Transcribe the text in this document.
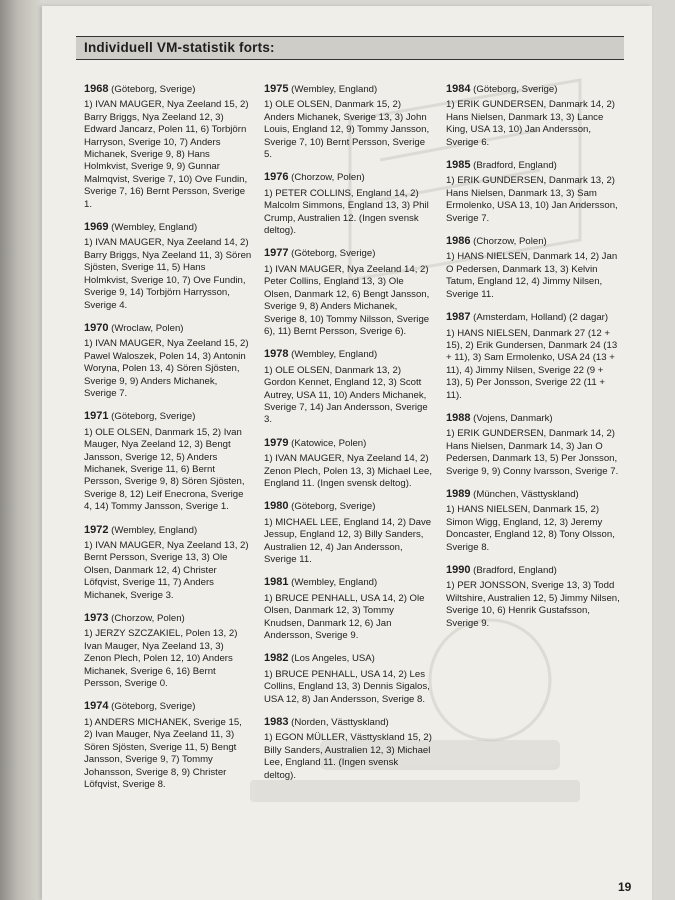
Individuell VM-statistik forts:
1968 (Göteborg, Sverige)
1) IVAN MAUGER, Nya Zeeland 15, 2) Barry Briggs, Nya Zeeland 12, 3) Edward Jancarz, Polen 11, 6) Torbjörn Harryson, Sverige 10, 7) Anders Michanek, Sverige 9, 8) Hans Holmkvist, Sverige 9, 9) Gunnar Malmqvist, Sverige 7, 10) Ove Fundin, Sverige 7, 16) Bernt Persson, Sverige 1.
1969 (Wembley, England)
1) IVAN MAUGER, Nya Zeeland 14, 2) Barry Briggs, Nya Zeeland 11, 3) Sören Sjösten, Sverige 11, 5) Hans Holmkvist, Sverige 10, 7) Ove Fundin, Sverige 9, 14) Torbjörn Harrysson, Sverige 4.
1970 (Wroclaw, Polen)
1) IVAN MAUGER, Nya Zeeland 15, 2) Pawel Waloszek, Polen 14, 3) Antonin Woryna, Polen 13, 4) Sören Sjösten, Sverige 9, 9) Anders Michanek, Sverige 7.
1971 (Göteborg, Sverige)
1) OLE OLSEN, Danmark 15, 2) Ivan Mauger, Nya Zeeland 12, 3) Bengt Jansson, Sverige 12, 5) Anders Michanek, Sverige 11, 6) Bernt Persson, Sverige 9, 8) Sören Sjösten, Sverige 8, 12) Leif Enecrona, Sverige 4, 14) Tommy Jansson, Sverige 1.
1972 (Wembley, England)
1) IVAN MAUGER, Nya Zeeland 13, 2) Bernt Persson, Sverige 13, 3) Ole Olsen, Danmark 12, 4) Christer Löfqvist, Sverige 11, 7) Anders Michanek, Sverige 3.
1973 (Chorzow, Polen)
1) JERZY SZCZAKIEL, Polen 13, 2) Ivan Mauger, Nya Zeeland 13, 3) Zenon Plech, Polen 12, 10) Anders Michanek, Sverige 6, 16) Bernt Persson, Sverige 0.
1974 (Göteborg, Sverige)
1) ANDERS MICHANEK, Sverige 15, 2) Ivan Mauger, Nya Zeeland 11, 3) Sören Sjösten, Sverige 11, 5) Bengt Jansson, Sverige 9, 7) Tommy Johansson, Sverige 8, 9) Christer Löfqvist, Sverige 8.
1975 (Wembley, England)
1) OLE OLSEN, Danmark 15, 2) Anders Michanek, Sverige 13, 3) John Louis, England 12, 9) Tommy Jansson, Sverige 7, 10) Bernt Persson, Sverige 5.
1976 (Chorzow, Polen)
1) PETER COLLINS, England 14, 2) Malcolm Simmons, England 13, 3) Phil Crump, Australien 12. (Ingen svensk deltog).
1977 (Göteborg, Sverige)
1) IVAN MAUGER, Nya Zeeland 14, 2) Peter Collins, England 13, 3) Ole Olsen, Danmark 12, 6) Bengt Jansson, Sverige 9, 8) Anders Michanek, Sverige 8, 10) Tommy Nilsson, Sverige 6), 11) Bernt Persson, Sverige 6).
1978 (Wembley, England)
1) OLE OLSEN, Danmark 13, 2) Gordon Kennet, England 12, 3) Scott Autrey, USA 11, 10) Anders Michanek, Sverige 7, 14) Jan Andersson, Sverige 3.
1979 (Katowice, Polen)
1) IVAN MAUGER, Nya Zeeland 14, 2) Zenon Plech, Polen 13, 3) Michael Lee, England 11. (Ingen svensk deltog).
1980 (Göteborg, Sverige)
1) MICHAEL LEE, England 14, 2) Dave Jessup, England 12, 3) Billy Sanders, Australien 12, 4) Jan Andersson, Sverige 11.
1981 (Wembley, England)
1) BRUCE PENHALL, USA 14, 2) Ole Olsen, Danmark 12, 3) Tommy Knudsen, Danmark 12, 6) Jan Andersson, Sverige 9.
1982 (Los Angeles, USA)
1) BRUCE PENHALL, USA 14, 2) Les Collins, England 13, 3) Dennis Sigalos, USA 12, 8) Jan Andersson, Sverige 8.
1983 (Norden, Västtyskland)
1) EGON MÜLLER, Västtyskland 15, 2) Billy Sanders, Australien 12, 3) Michael Lee, England 11. (Ingen svensk deltog).
1984 (Göteborg, Sverige)
1) ERIK GUNDERSEN, Danmark 14, 2) Hans Nielsen, Danmark 13, 3) Lance King, USA 13, 10) Jan Andersson, Sverige 6.
1985 (Bradford, England)
1) ERIK GUNDERSEN, Danmark 13, 2) Hans Nielsen, Danmark 13, 3) Sam Ermolenko, USA 13, 10) Jan Andersson, Sverige 7.
1986 (Chorzow, Polen)
1) HANS NIELSEN, Danmark 14, 2) Jan O Pedersen, Danmark 13, 3) Kelvin Tatum, England 12, 4) Jimmy Nilsen, Sverige 11.
1987 (Amsterdam, Holland) (2 dagar)
1) HANS NIELSEN, Danmark 27 (12 + 15), 2) Erik Gundersen, Danmark 24 (13 + 11), 3) Sam Ermolenko, USA 24 (13 + 11), 4) Jimmy Nilsen, Sverige 22 (9 + 13), 5) Per Jonsson, Sverige 22 (11 + 11).
1988 (Vojens, Danmark)
1) ERIK GUNDERSEN, Danmark 14, 2) Hans Nielsen, Danmark 14, 3) Jan O Pedersen, Danmark 13, 5) Per Jonsson, Sverige 9, 9) Conny Ivarsson, Sverige 7.
1989 (München, Västtyskland)
1) HANS NIELSEN, Danmark 15, 2) Simon Wigg, England, 12, 3) Jeremy Doncaster, England 12, 8) Tony Olsson, Sverige 8.
1990 (Bradford, England)
1) PER JONSSON, Sverige 13, 3) Todd Wiltshire, Australien 12, 5) Jimmy Nilsen, Sverige 10, 6) Henrik Gustafsson, Sverige 9.
19
